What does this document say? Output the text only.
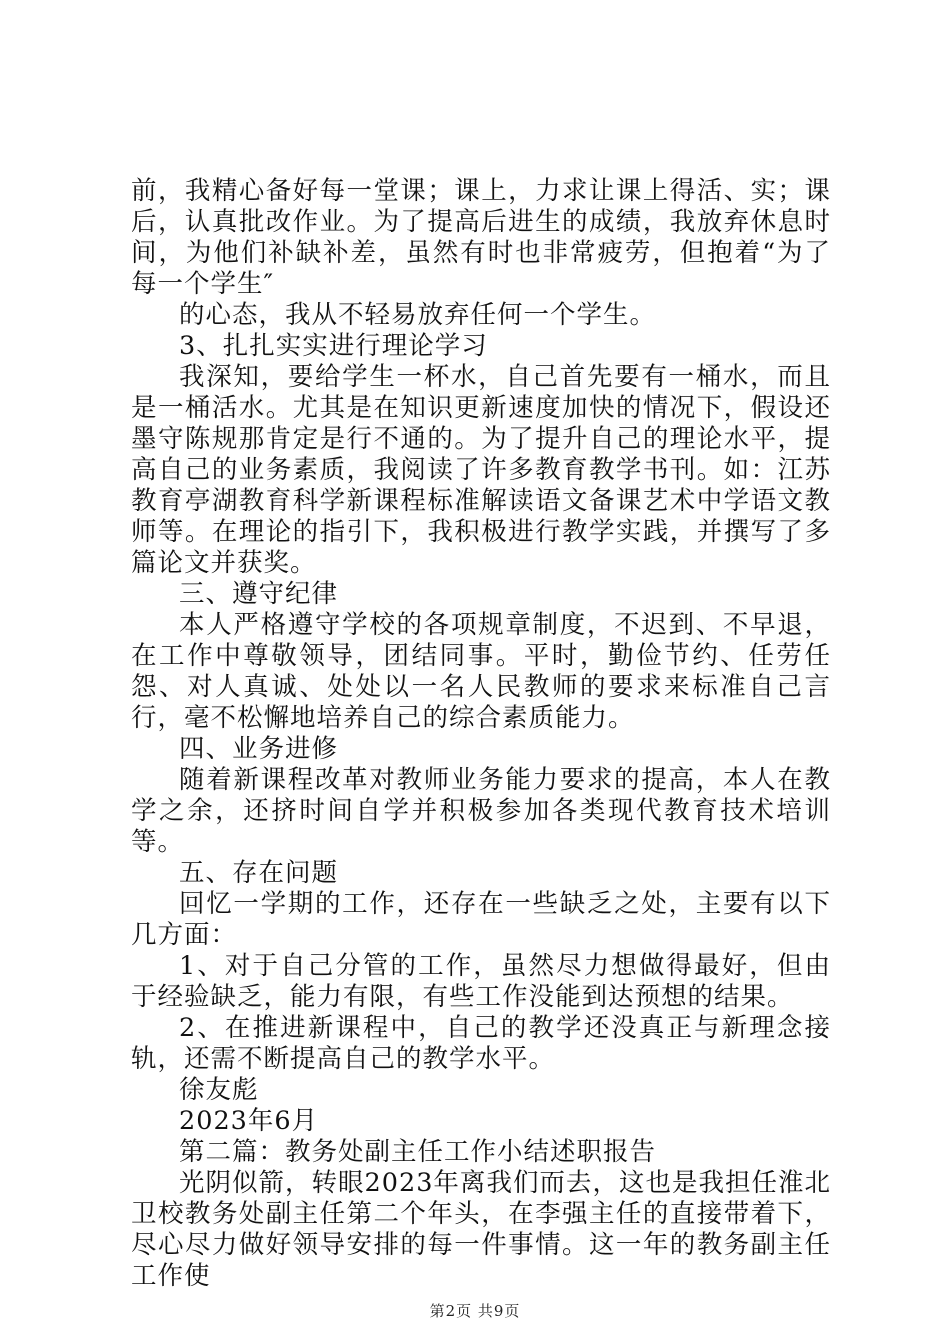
前，我精心备好每一堂课；课上，力求让课上得活、实；课后，认真批改作业。为了提高后进生的成绩，我放弃休息时间，为他们补缺补差，虽然有时也非常疲劳，但抱着“为了每一个学生″

的心态，我从不轻易放弃任何一个学生。

3、扎扎实实进行理论学习

我深知，要给学生一杯水，自己首先要有一桶水，而且是一桶活水。尤其是在知识更新速度加快的情况下，假设还墨守陈规那肯定是行不通的。为了提升自己的理论水平，提高自己的业务素质，我阅读了许多教育教学书刊。如：江苏教育亭湖教育科学新课程标准解读语文备课艺术中学语文教师等。在理论的指引下，我积极进行教学实践，并撰写了多篇论文并获奖。

三、遵守纪律

本人严格遵守学校的各项规章制度，不迟到、不早退，在工作中尊敬领导，团结同事。平时，勤俭节约、任劳任怨、对人真诚、处处以一名人民教师的要求来标准自己言行，毫不松懈地培养自己的综合素质能力。

四、业务进修

随着新课程改革对教师业务能力要求的提高，本人在教学之余，还挤时间自学并积极参加各类现代教育技术培训等。

五、存在问题

回忆一学期的工作，还存在一些缺乏之处，主要有以下几方面：

1、对于自己分管的工作，虽然尽力想做得最好，但由于经验缺乏，能力有限，有些工作没能到达预想的结果。

2、在推进新课程中，自己的教学还没真正与新理念接轨，还需不断提高自己的教学水平。

徐友彪

2023年6月

第二篇：教务处副主任工作小结述职报告

光阴似箭，转眼2023年离我们而去，这也是我担任淮北卫校教务处副主任第二个年头，在李强主任的直接带着下，尽心尽力做好领导安排的每一件事情。这一年的教务副主任工作使

第2页 共9页
